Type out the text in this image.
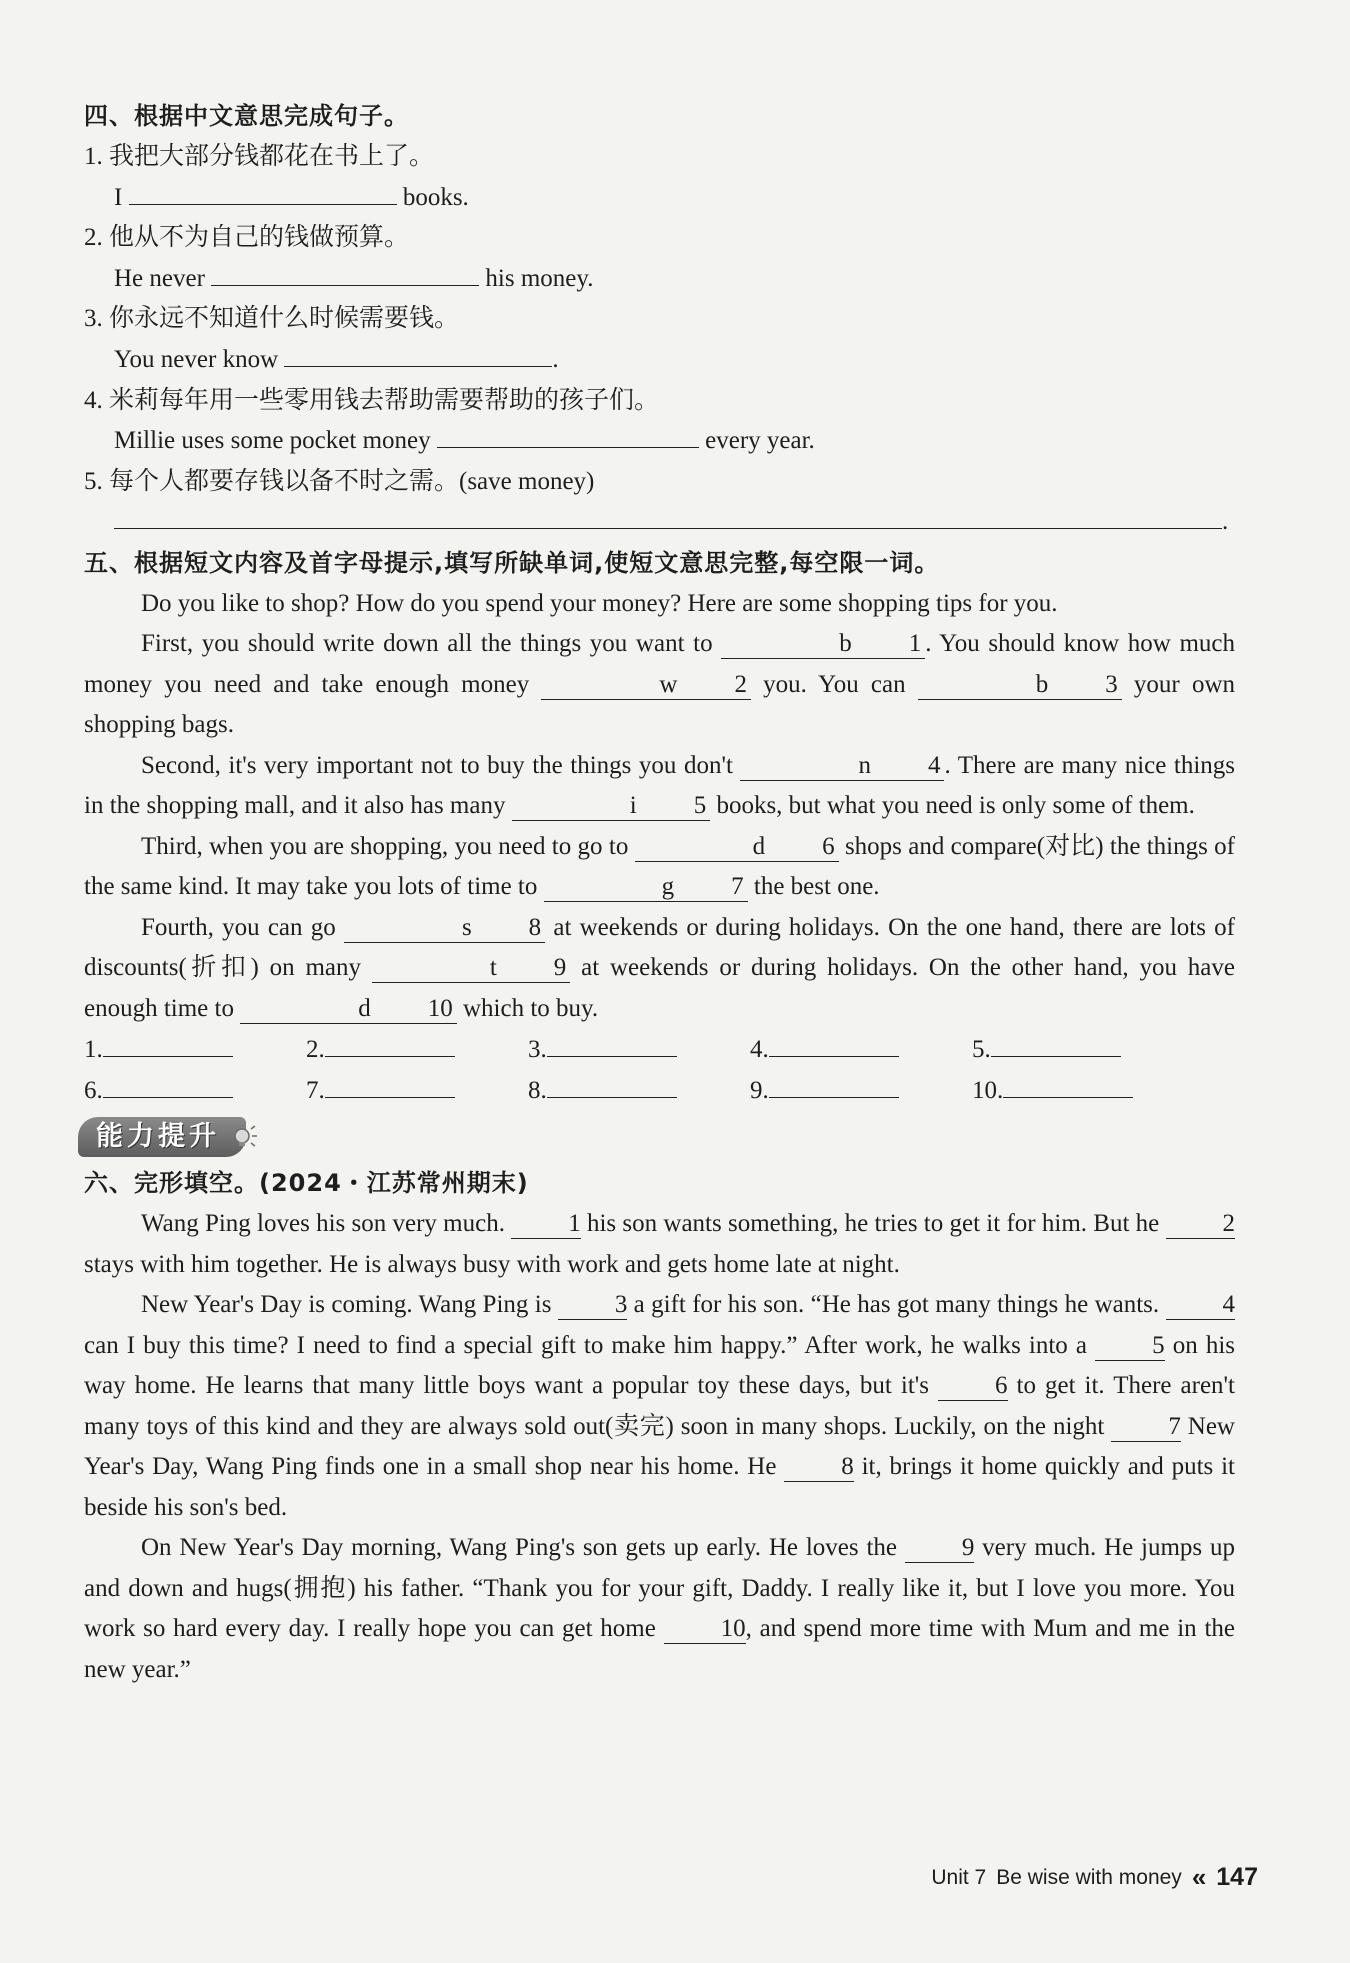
四、根据中文意思完成句子。
1. 我把大部分钱都花在书上了。
I	books.
2. 他从不为自己的钱做预算。
He never	his money.
3. 你永远不知道什么时候需要钱。
You never know	.
4. 米莉每年用一些零用钱去帮助需要帮助的孩子们。
Millie uses some pocket money	every year.
5. 每个人都要存钱以备不时之需。(save money)
.
五、根据短文内容及首字母提示,填写所缺单词,使短文意思完整,每空限一词。

Do you like to shop? How do you spend your money? Here are some shopping tips for you.

First, you should write down all the things you want to	b 1 . You should know how much money you need and take enough money	w 2 you. You can	b 3 your own shopping bags.

Second, it's very important not to buy the things you don't	n 4 . There are many nice things in the shopping mall, and it also has many	i 5 books, but what you need is only some of them.

Third, when you are shopping, you need to go to	d 6 shops and compare(对比) the things of the same kind. It may take you lots of time to	g 7 the best one.

Fourth, you can go	s 8 at weekends or during holidays. On the one hand, there are lots of discounts(折扣) on many	t 9 at weekends or during holidays. On the other hand, you have enough time to	d 10 which to buy.

1.	2.	3.	4.	5.
6.	7.	8.	9.	10.
能力提升
六、完形填空。(2024・江苏常州期末)

Wang Ping loves his son very much. 1 his son wants something, he tries to get it for him. But he 2 stays with him together. He is always busy with work and gets home late at night.

New Year's Day is coming. Wang Ping is 3 a gift for his son. “He has got many things he wants. 4 can I buy this time? I need to find a special gift to make him happy.” After work, he walks into a 5 on his way home. He learns that many little boys want a popular toy these days, but it's 6 to get it. There aren't many toys of this kind and they are always sold out(卖完) soon in many shops. Luckily, on the night 7 New Year's Day, Wang Ping finds one in a small shop near his home. He 8 it, brings it home quickly and puts it beside his son's bed.

On New Year's Day morning, Wang Ping's son gets up early. He loves the 9 very much. He jumps up and down and hugs(拥抱) his father. “Thank you for your gift, Daddy. I really like it, but I love you more. You work so hard every day. I really hope you can get home 10, and spend more time with Mum and me in the new year.”

Unit 7 Be wise with money « 147
